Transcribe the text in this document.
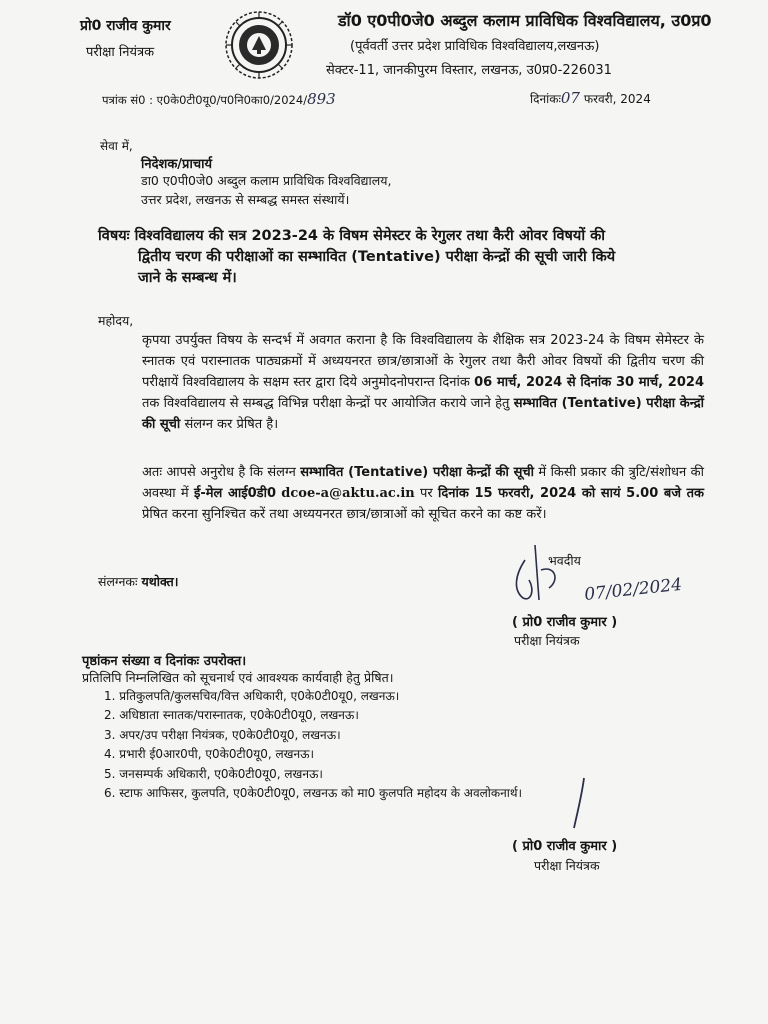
प्रो0 राजीव कुमार
परीक्षा नियंत्रक
डॉ0 ए0पी0जे0 अब्दुल कलाम प्राविधिक विश्वविद्यालय, उ0प्र0
(पूर्ववर्ती उत्तर प्रदेश प्राविधिक विश्वविद्यालय,लखनऊ)
सेक्टर-11, जानकीपुरम विस्तार, लखनऊ, उ0प्र0-226031
पत्रांक सं0 : ए0के0टी0यू0/प0नि0का0/2024/893	दिनांकः07 फरवरी, 2024
सेवा में,
निदेशक/प्राचार्य
डा0 ए0पी0जे0 अब्दुल कलाम प्राविधिक विश्वविद्यालय,
उत्तर प्रदेश, लखनऊ से सम्बद्ध समस्त संस्थायें।
विषयः विश्वविद्यालय की सत्र 2023-24 के विषम सेमेस्टर के रेगुलर तथा कैरी ओवर विषयों की
द्वितीय चरण की परीक्षाओं का सम्भावित (Tentative) परीक्षा केन्द्रों की सूची जारी किये
जाने के सम्बन्ध में।
महोदय,
कृपया उपर्युक्त विषय के सन्दर्भ में अवगत कराना है कि विश्वविद्यालय के शैक्षिक सत्र 2023-24 के विषम सेमेस्टर के स्नातक एवं परास्नातक पाठ्यक्रमों में अध्ययनरत छात्र/छात्राओं के रेगुलर तथा कैरी ओवर विषयों की द्वितीय चरण की परीक्षायें विश्वविद्यालय के सक्षम स्तर द्वारा दिये अनुमोदनोपरान्त दिनांक 06 मार्च, 2024 से दिनांक 30 मार्च, 2024 तक विश्वविद्यालय से सम्बद्ध विभिन्न परीक्षा केन्द्रों पर आयोजित कराये जाने हेतु सम्भावित (Tentative) परीक्षा केन्द्रों की सूची संलग्न कर प्रेषित है।
अतः आपसे अनुरोध है कि संलग्न सम्भावित (Tentative) परीक्षा केन्द्रों की सूची में किसी प्रकार की त्रुटि/संशोधन की अवस्था में ई-मेल आई0डी0 dcoe-a@aktu.ac.in पर दिनांक 15 फरवरी, 2024 को सायं 5.00 बजे तक प्रेषित करना सुनिश्चित करें तथा अध्ययनरत छात्र/छात्राओं को सूचित करने का कष्ट करें।
संलग्नकः यथोक्त।
भवदीय
07/02/2024
( प्रो0 राजीव कुमार )
परीक्षा नियंत्रक
पृष्ठांकन संख्या व दिनांकः उपरोक्त।
प्रतिलिपि निम्नलिखित को सूचनार्थ एवं आवश्यक कार्यवाही हेतु प्रेषित।
1. प्रतिकुलपति/कुलसचिव/वित्त अधिकारी, ए0के0टी0यू0, लखनऊ।
2. अधिष्ठाता स्नातक/परास्नातक, ए0के0टी0यू0, लखनऊ।
3. अपर/उप परीक्षा नियंत्रक, ए0के0टी0यू0, लखनऊ।
4. प्रभारी ई0आर0पी, ए0के0टी0यू0, लखनऊ।
5. जनसम्पर्क अधिकारी, ए0के0टी0यू0, लखनऊ।
6. स्टाफ आफिसर, कुलपति, ए0के0टी0यू0, लखनऊ को मा0 कुलपति महोदय के अवलोकनार्थ।
( प्रो0 राजीव कुमार )
परीक्षा नियंत्रक
